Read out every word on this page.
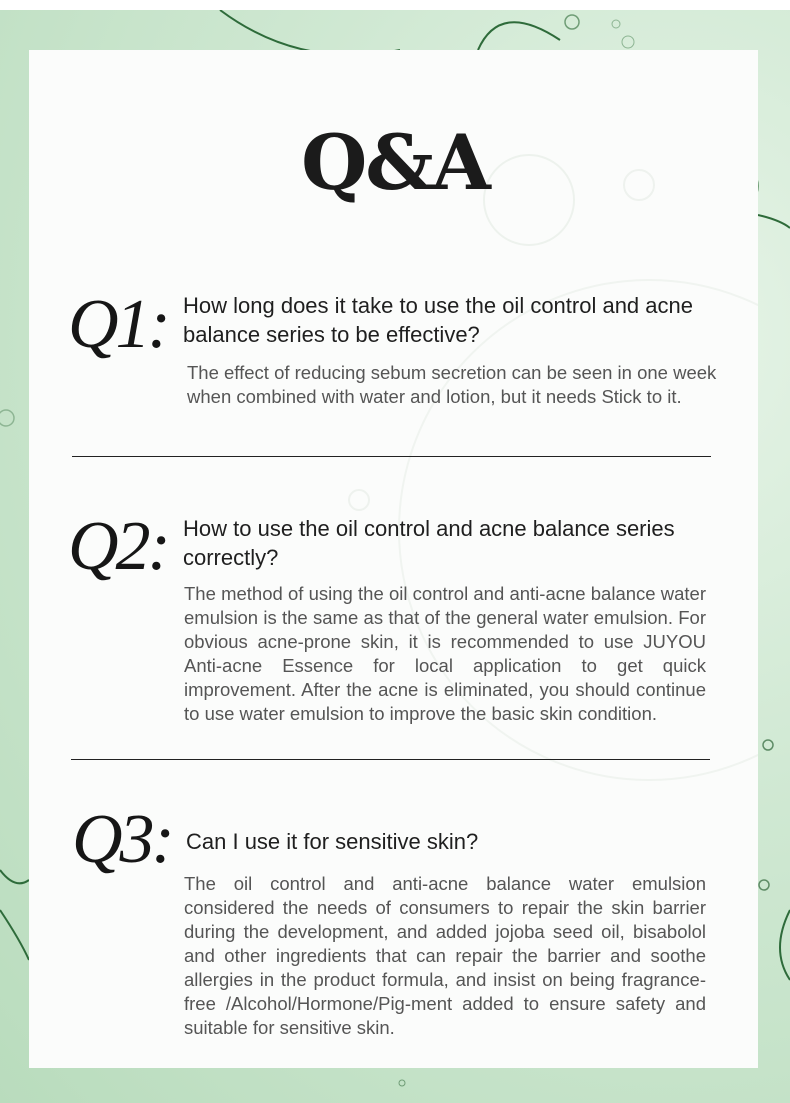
Q&A
Q1: How long does it take to use the oil control and acne balance series to be effective?
The effect of reducing sebum secretion can be seen in one week when combined with water and lotion, but it needs Stick to it.
Q2: How to use the oil control and acne balance series correctly?
The method of using the oil control and anti-acne balance water emulsion is the same as that of the general water emulsion. For obvious acne-prone skin, it is recommended to use JUYOU Anti-acne Essence for local application to get quick improvement. After the acne is eliminated, you should continue to use water emulsion to improve the basic skin condition.
Q3: Can I use it for sensitive skin?
The oil control and anti-acne balance water emulsion considered the needs of consumers to repair the skin barrier during the development, and added jojoba seed oil, bisabolol and other ingredients that can repair the barrier and soothe allergies in the product formula, and insist on being fragrance-free /Alcohol/Hormone/Pig-ment added to ensure safety and suitable for sensitive skin.
